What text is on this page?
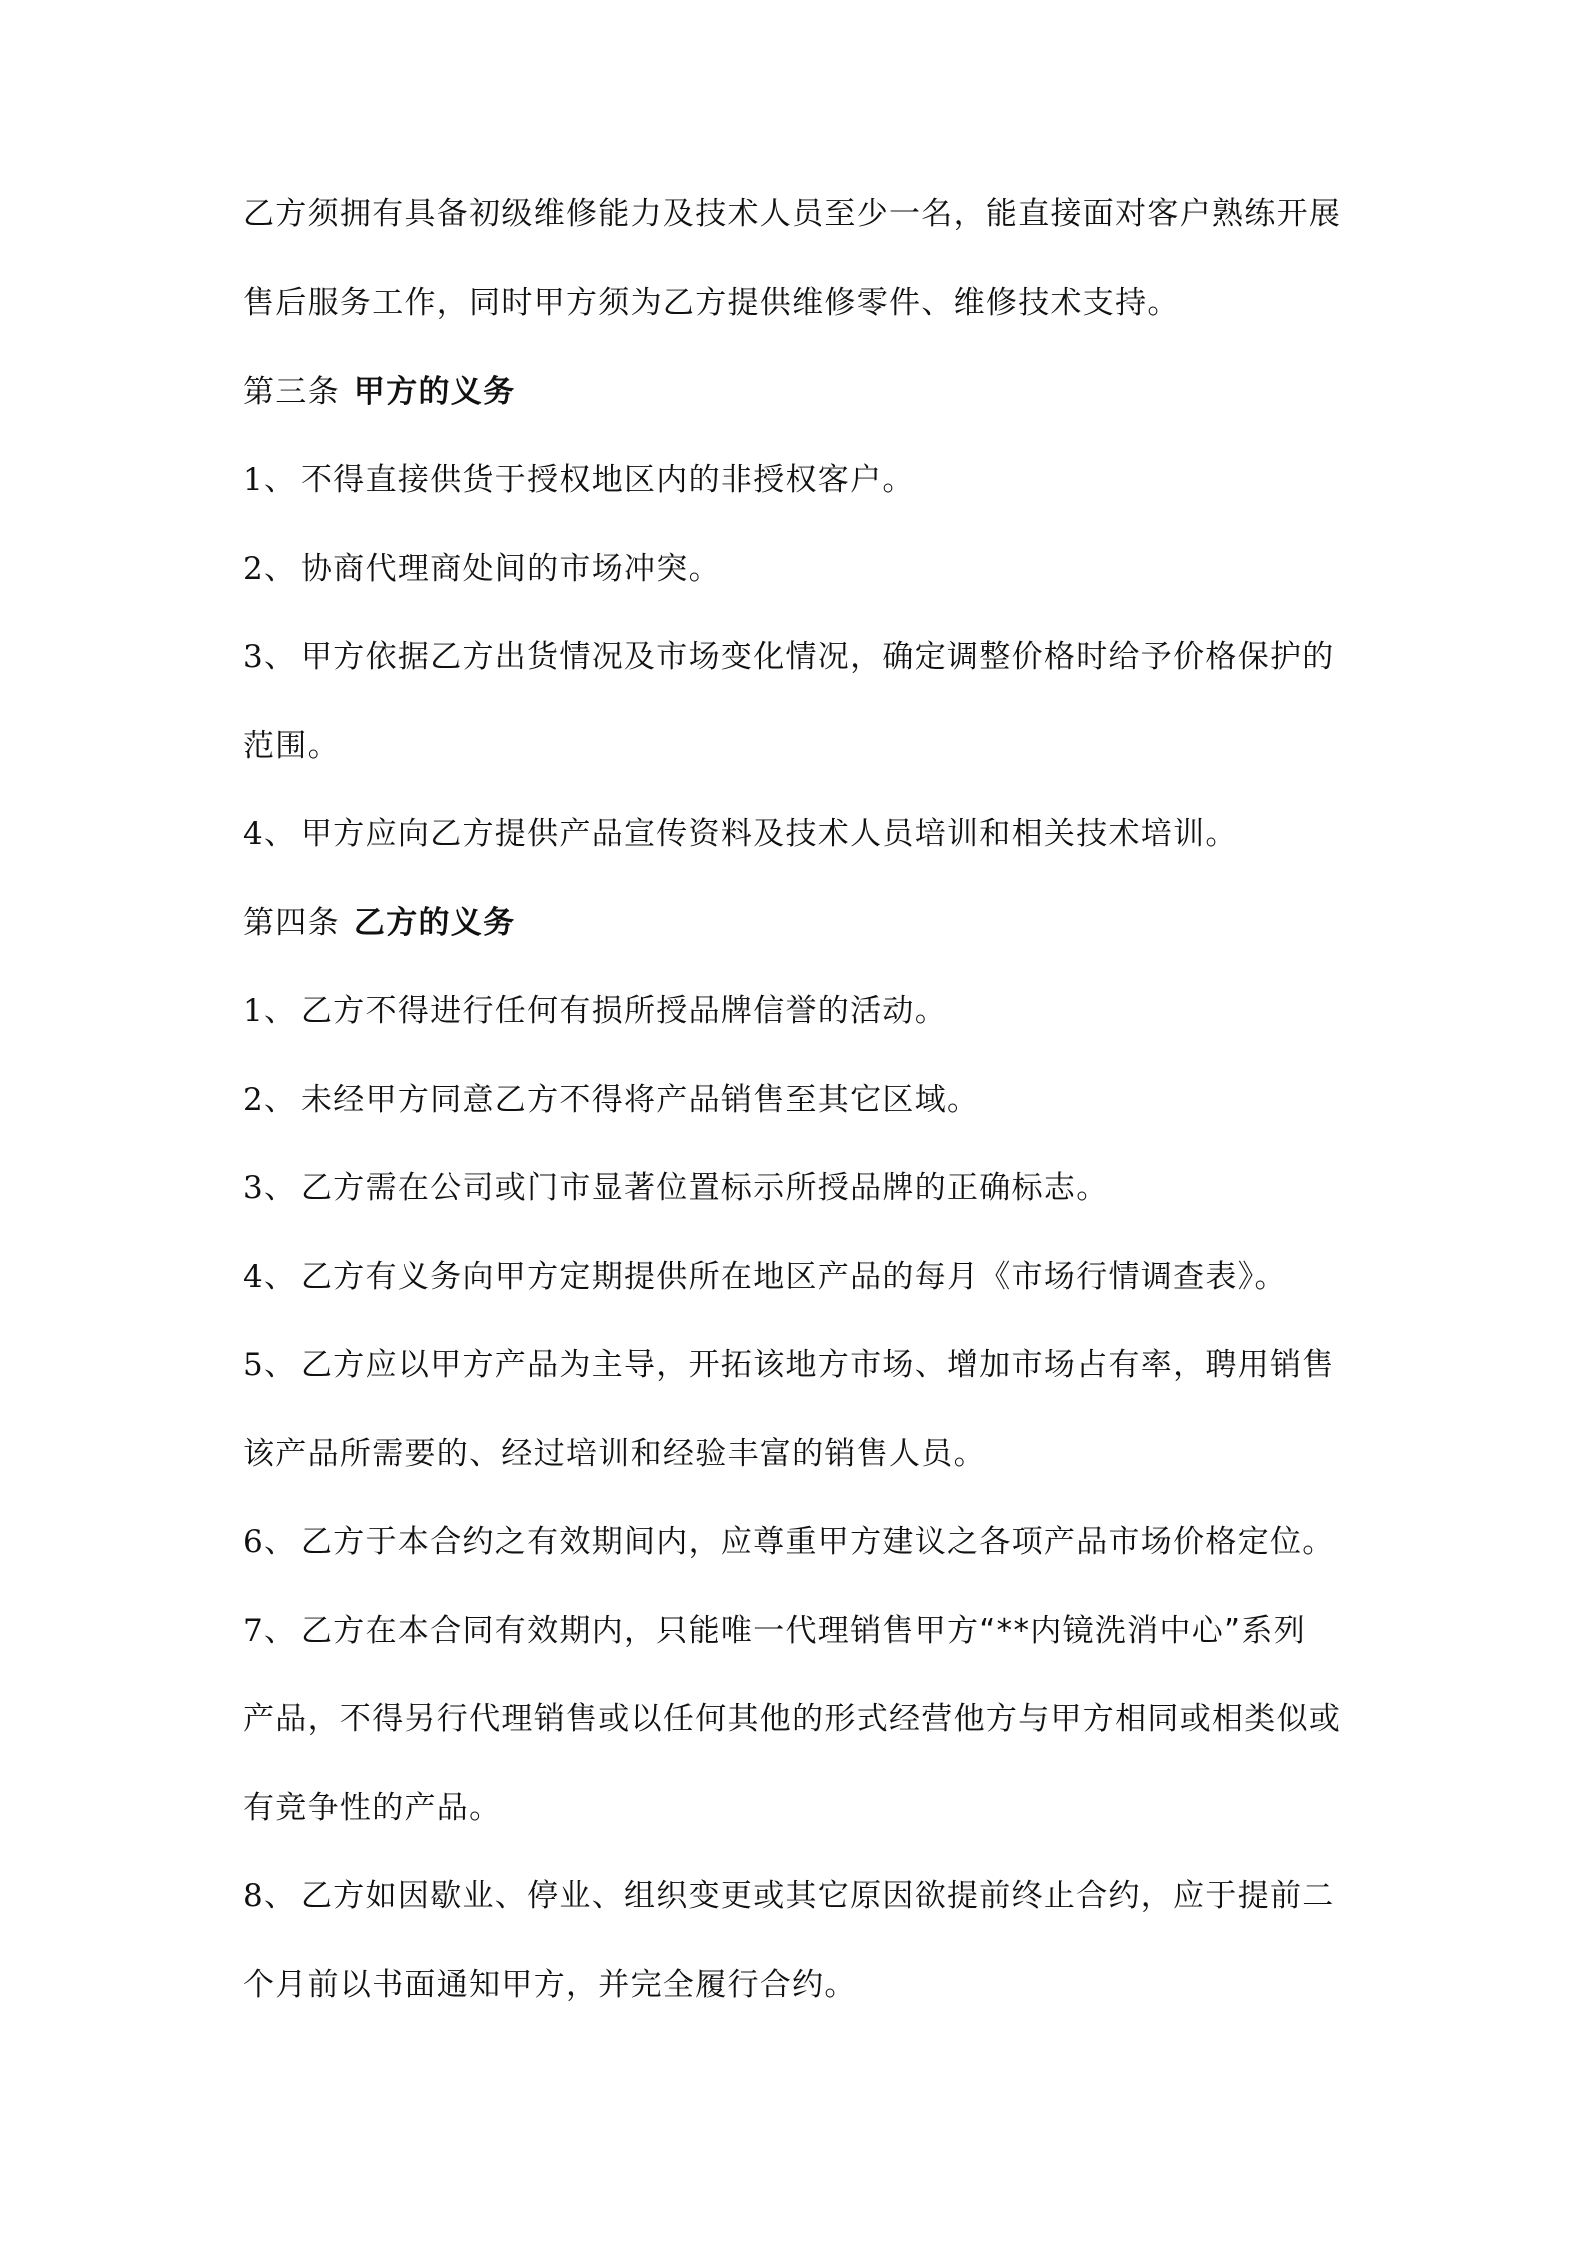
乙方须拥有具备初级维修能力及技术人员至少一名，能直接面对客户熟练开展
售后服务工作，同时甲方须为乙方提供维修零件、维修技术支持。
第三条 甲方的义务
1、 不得直接供货于授权地区内的非授权客户。
2、 协商代理商处间的市场冲突。
3、 甲方依据乙方出货情况及市场变化情况，确定调整价格时给予价格保护的
范围。
4、 甲方应向乙方提供产品宣传资料及技术人员培训和相关技术培训。
第四条 乙方的义务
1、 乙方不得进行任何有损所授品牌信誉的活动。
2、 未经甲方同意乙方不得将产品销售至其它区域。
3、 乙方需在公司或门市显著位置标示所授品牌的正确标志。
4、 乙方有义务向甲方定期提供所在地区产品的每月《市场行情调查表》。
5、 乙方应以甲方产品为主导，开拓该地方市场、增加市场占有率，聘用销售
该产品所需要的、经过培训和经验丰富的销售人员。
6、 乙方于本合约之有效期间内，应尊重甲方建议之各项产品市场价格定位。
7、 乙方在本合同有效期内，只能唯一代理销售甲方“**内镜洗消中心”系列
产品，不得另行代理销售或以任何其他的形式经营他方与甲方相同或相类似或
有竞争性的产品。
8、 乙方如因歇业、停业、组织变更或其它原因欲提前终止合约，应于提前二
个月前以书面通知甲方，并完全履行合约。
